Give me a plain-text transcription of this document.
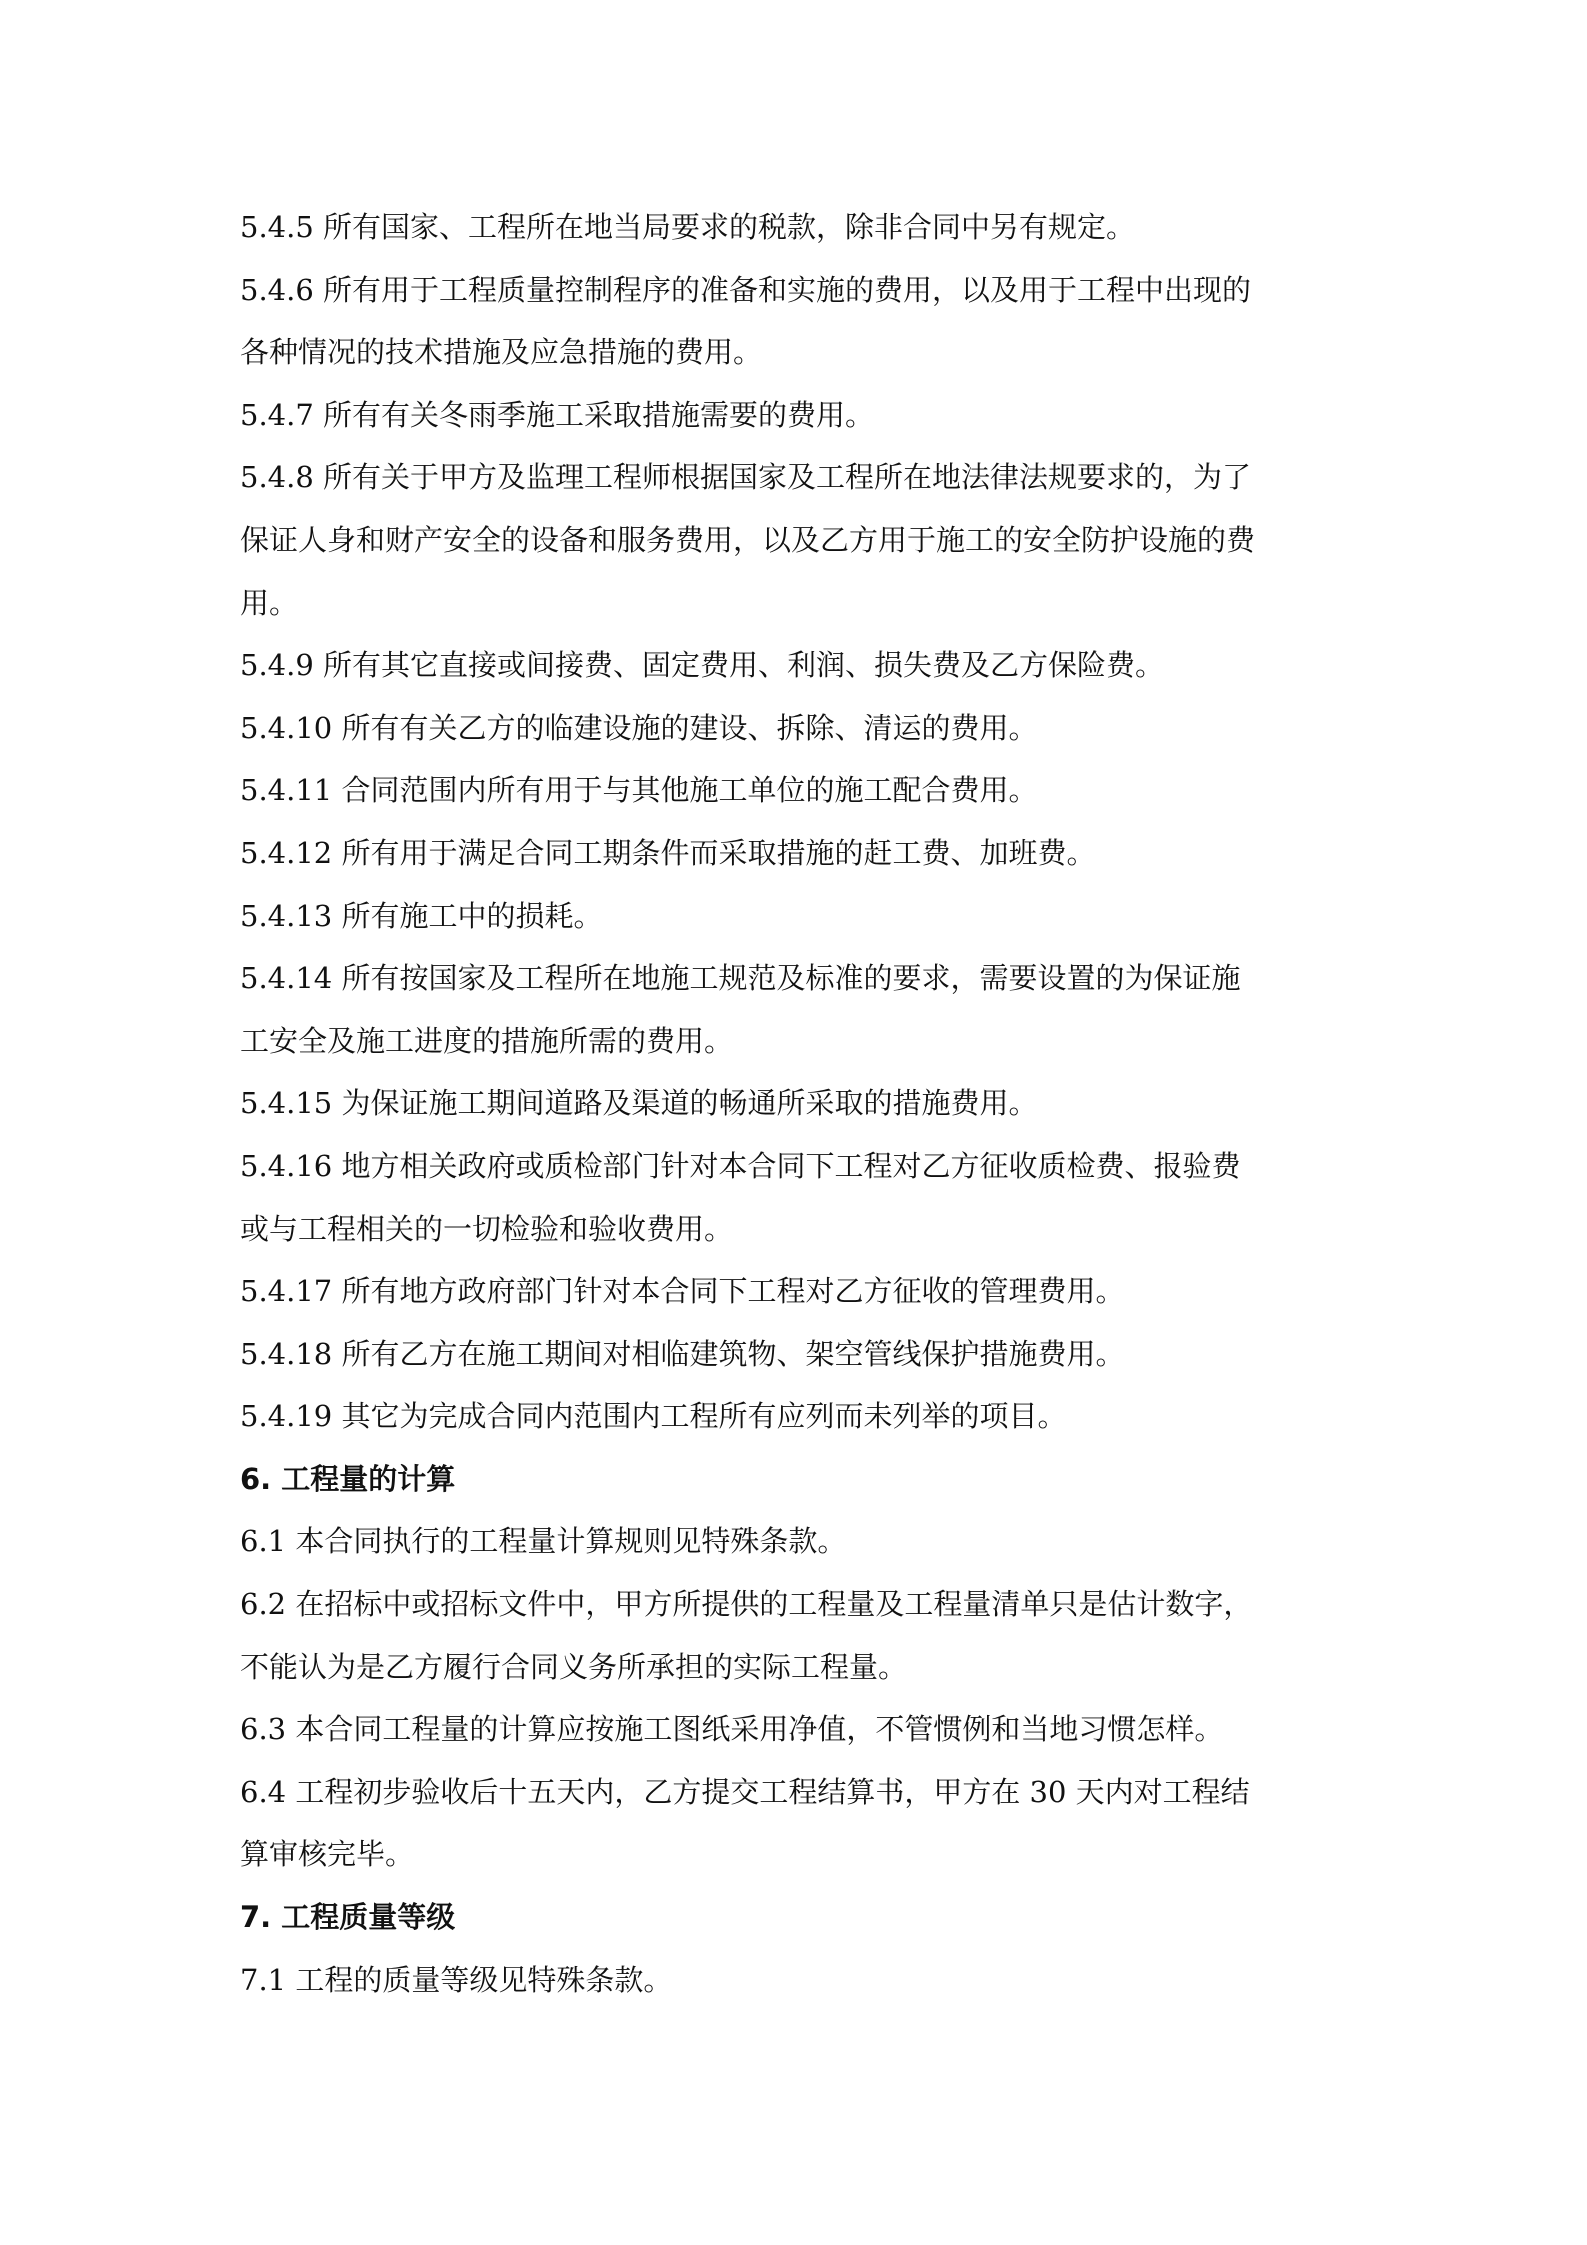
5.4.5 所有国家、工程所在地当局要求的税款，除非合同中另有规定。
5.4.6 所有用于工程质量控制程序的准备和实施的费用，以及用于工程中出现的
各种情况的技术措施及应急措施的费用。
5.4.7 所有有关冬雨季施工采取措施需要的费用。
5.4.8 所有关于甲方及监理工程师根据国家及工程所在地法律法规要求的，为了
保证人身和财产安全的设备和服务费用，以及乙方用于施工的安全防护设施的费
用。
5.4.9 所有其它直接或间接费、固定费用、利润、损失费及乙方保险费。
5.4.10 所有有关乙方的临建设施的建设、拆除、清运的费用。
5.4.11 合同范围内所有用于与其他施工单位的施工配合费用。
5.4.12 所有用于满足合同工期条件而采取措施的赶工费、加班费。
5.4.13 所有施工中的损耗。
5.4.14 所有按国家及工程所在地施工规范及标准的要求，需要设置的为保证施
工安全及施工进度的措施所需的费用。
5.4.15 为保证施工期间道路及渠道的畅通所采取的措施费用。
5.4.16 地方相关政府或质检部门针对本合同下工程对乙方征收质检费、报验费
或与工程相关的一切检验和验收费用。
5.4.17 所有地方政府部门针对本合同下工程对乙方征收的管理费用。
5.4.18 所有乙方在施工期间对相临建筑物、架空管线保护措施费用。
5.4.19 其它为完成合同内范围内工程所有应列而未列举的项目。
6. 工程量的计算
6.1 本合同执行的工程量计算规则见特殊条款。
6.2 在招标中或招标文件中，甲方所提供的工程量及工程量清单只是估计数字，
不能认为是乙方履行合同义务所承担的实际工程量。
6.3 本合同工程量的计算应按施工图纸采用净值，不管惯例和当地习惯怎样。
6.4 工程初步验收后十五天内，乙方提交工程结算书，甲方在 30 天内对工程结
算审核完毕。
7. 工程质量等级
7.1 工程的质量等级见特殊条款。
